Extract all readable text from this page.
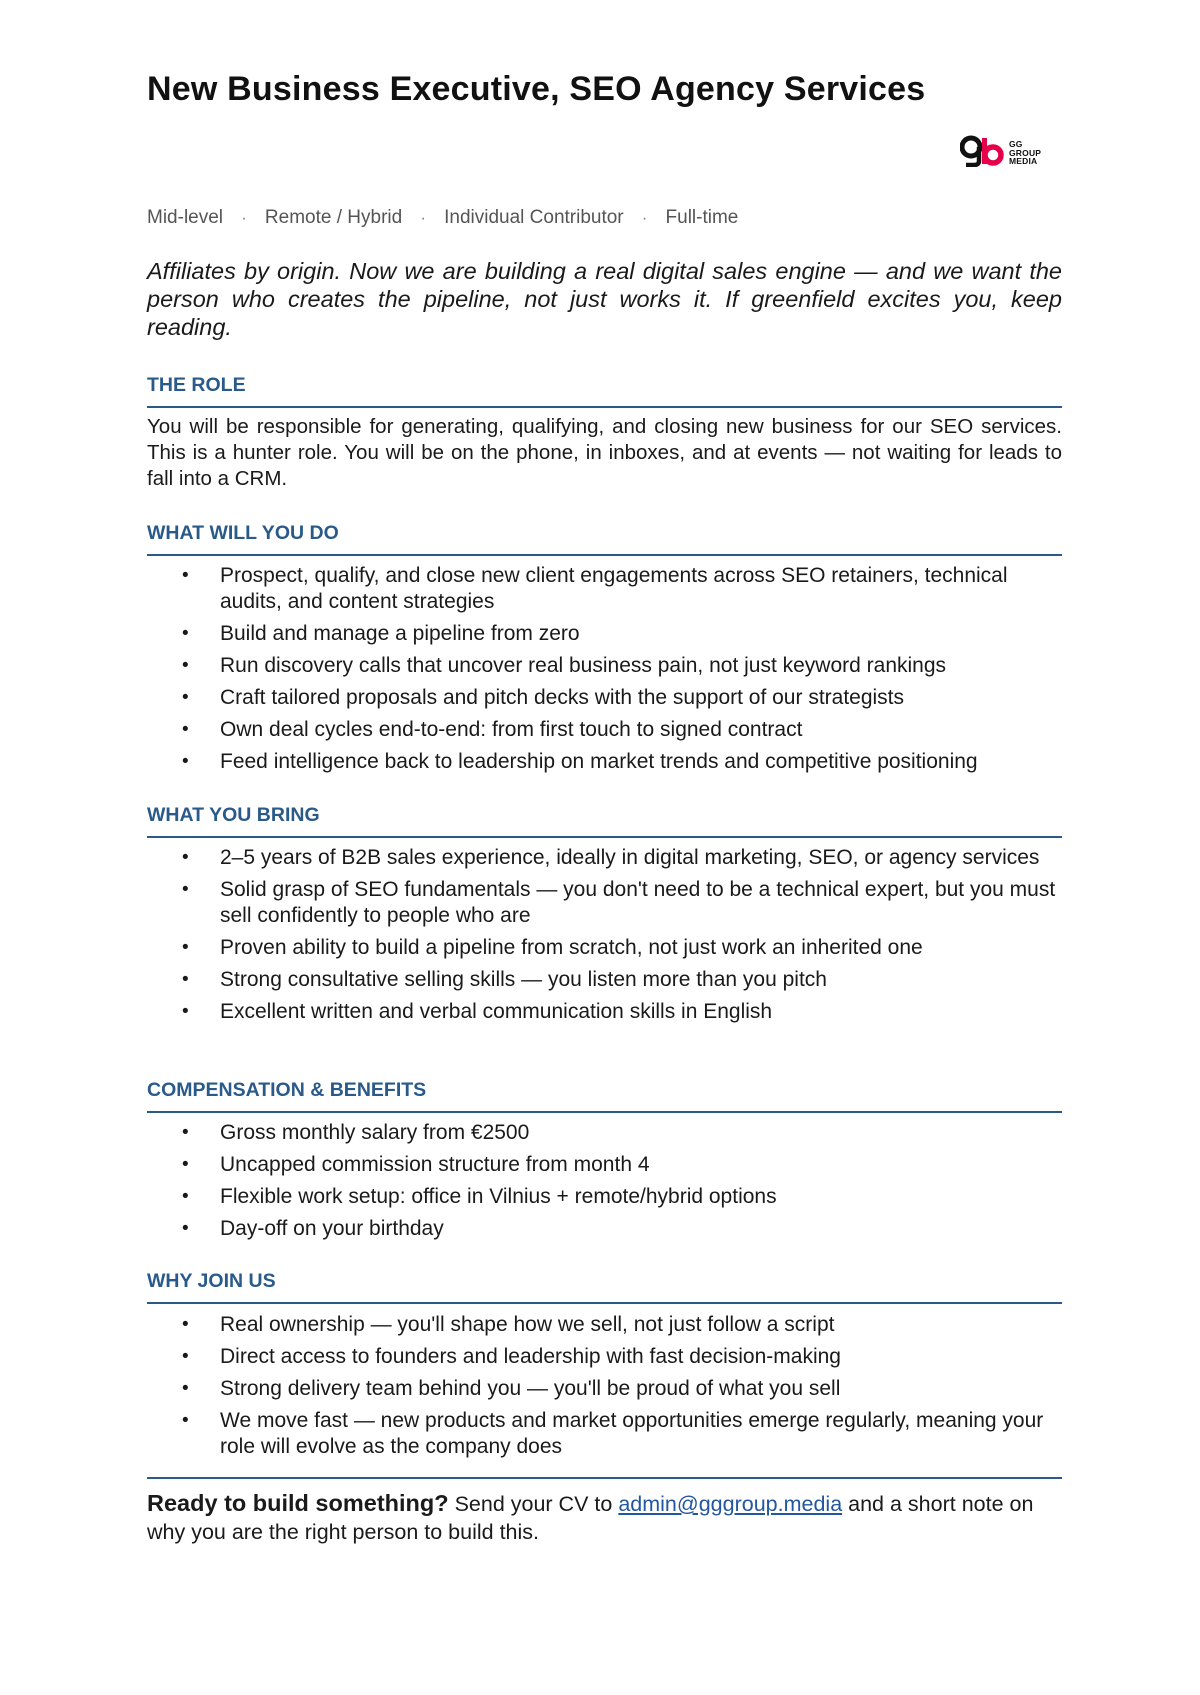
New Business Executive, SEO Agency Services

GG
GROUP
MEDIA

Mid-level · Remote / Hybrid · Individual Contributor · Full-time

Affiliates by origin. Now we are building a real digital sales engine — and we want the person who creates the pipeline, not just works it. If greenfield excites you, keep reading.

THE ROLE

You will be responsible for generating, qualifying, and closing new business for our SEO services. This is a hunter role. You will be on the phone, in inboxes, and at events — not waiting for leads to fall into a CRM.

WHAT WILL YOU DO
• Prospect, qualify, and close new client engagements across SEO retainers, technical audits, and content strategies
• Build and manage a pipeline from zero
• Run discovery calls that uncover real business pain, not just keyword rankings
• Craft tailored proposals and pitch decks with the support of our strategists
• Own deal cycles end-to-end: from first touch to signed contract
• Feed intelligence back to leadership on market trends and competitive positioning
WHAT YOU BRING
• 2–5 years of B2B sales experience, ideally in digital marketing, SEO, or agency services
• Solid grasp of SEO fundamentals — you don't need to be a technical expert, but you must sell confidently to people who are
• Proven ability to build a pipeline from scratch, not just work an inherited one
• Strong consultative selling skills — you listen more than you pitch
• Excellent written and verbal communication skills in English
COMPENSATION & BENEFITS
• Gross monthly salary from €2500
• Uncapped commission structure from month 4
• Flexible work setup: office in Vilnius + remote/hybrid options
• Day-off on your birthday
WHY JOIN US
• Real ownership — you'll shape how we sell, not just follow a script
• Direct access to founders and leadership with fast decision-making
• Strong delivery team behind you — you'll be proud of what you sell
• We move fast — new products and market opportunities emerge regularly, meaning your role will evolve as the company does

Ready to build something? Send your CV to admin@gggroup.media and a short note on why you are the right person to build this.
